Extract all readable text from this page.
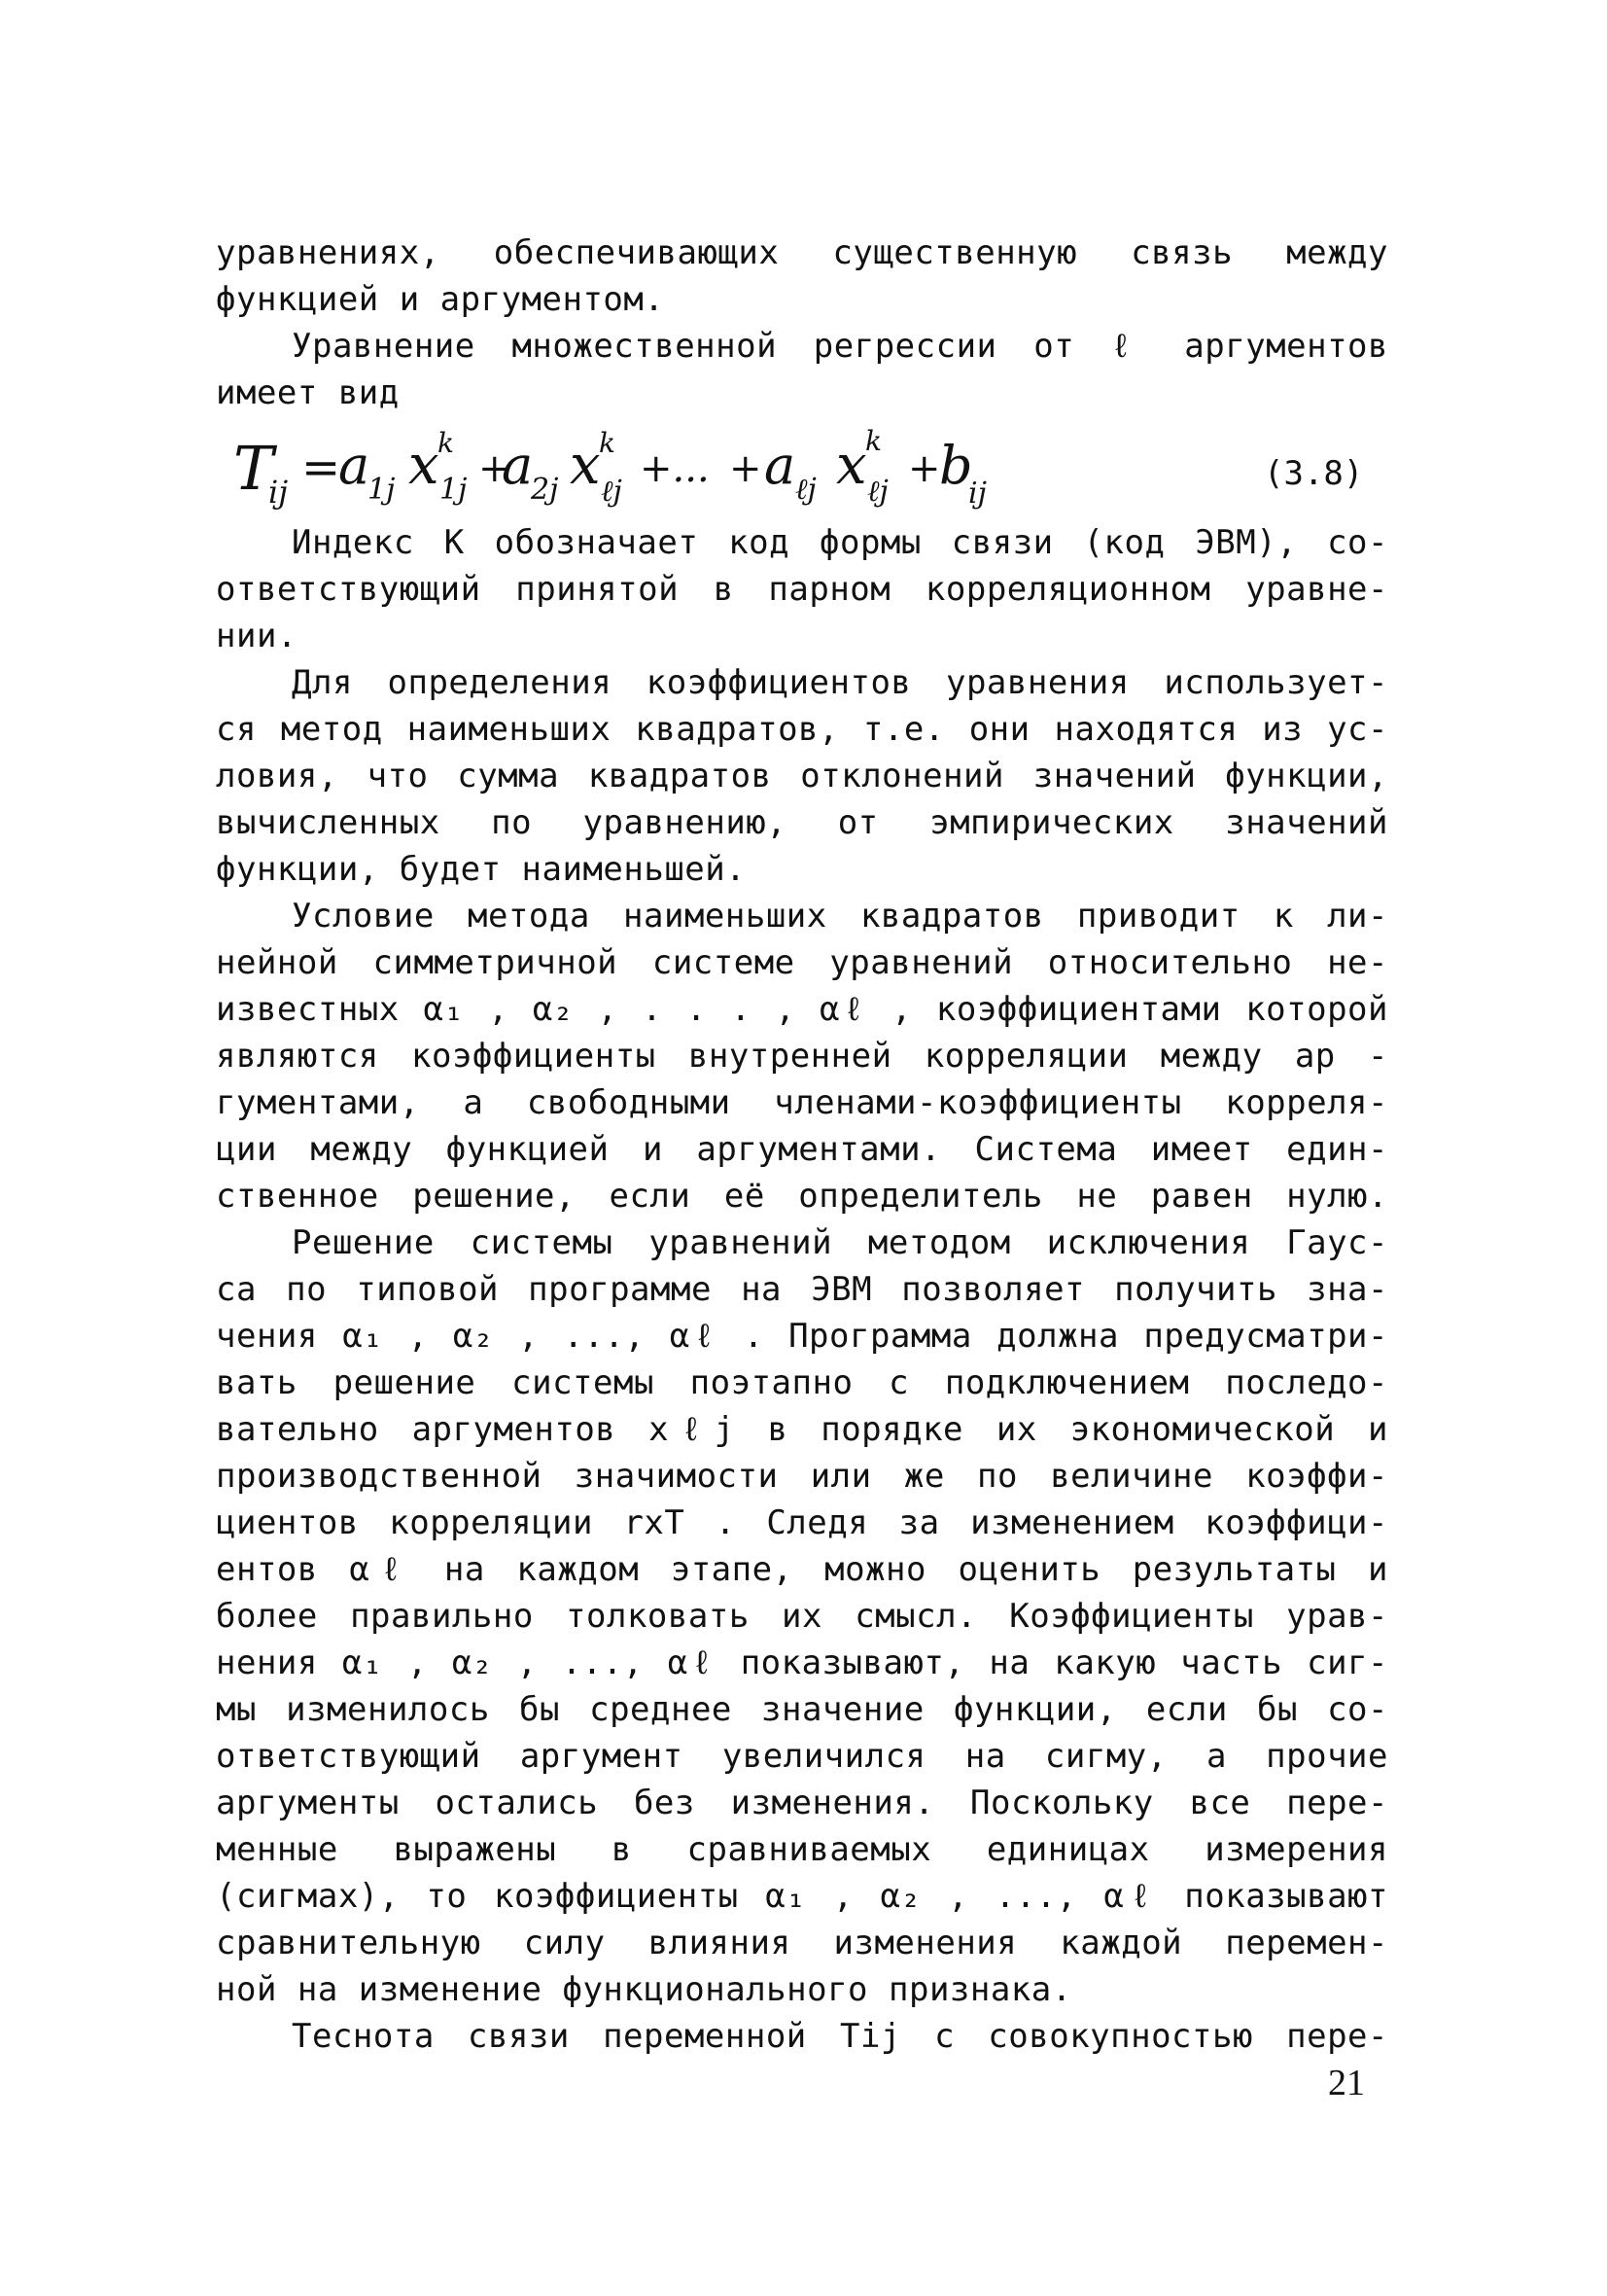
уравнениях, обеспечивающих существенную связь между
функцией и аргументом.
Уравнение множественной регрессии от ℓ аргументов
имеет вид
T
ij =
a
1j x
k
1j +
a
2j x
k
ℓj
+... + a ℓj x
k
ℓj
+
b
ij
(3.8)
Индекс К обозначает код формы связи (код ЭВМ), со-
ответствующий принятой в парном корреляционном уравне-
нии.
Для определения коэффициентов уравнения использует-
ся метод наименьших квадратов, т.е. они находятся из ус-
ловия, что сумма квадратов отклонений значений функции,
вычисленных по уравнению, от эмпирических значений
функции, будет наименьшей.
Условие метода наименьших квадратов приводит к ли-
нейной симметричной системе уравнений относительно не-
известных α₁ , α₂ , . . . , αℓ , коэффициентами которой
являются коэффициенты внутренней корреляции между ар -
гументами, а свободными членами-коэффициенты корреля-
ции между функцией и аргументами. Система имеет един-
ственное решение, если её определитель не равен нулю.
Решение системы уравнений методом исключения Гаус-
са по типовой программе на ЭВМ позволяет получить зна-
чения α₁ , α₂ , ..., αℓ . Программа должна предусматри-
вать решение системы поэтапно с подключением последо-
вательно аргументов xℓj в порядке их экономической и
производственной значимости или же по величине коэффи-
циентов корреляции rxT . Следя за изменением коэффици-
ентов αℓ на каждом этапе, можно оценить результаты и
более правильно толковать их смысл. Коэффициенты урав-
нения α₁ , α₂ , ..., αℓ показывают, на какую часть сиг-
мы изменилось бы среднее значение функции, если бы со-
ответствующий аргумент увеличился на сигму, а прочие
аргументы остались без изменения. Поскольку все пере-
менные выражены в сравниваемых единицах измерения
(сигмах), то коэффициенты α₁ , α₂ , ..., αℓ показывают
сравнительную силу влияния изменения каждой перемен-
ной на изменение функционального признака.
Теснота связи переменной Tij с совокупностью пере-
21
